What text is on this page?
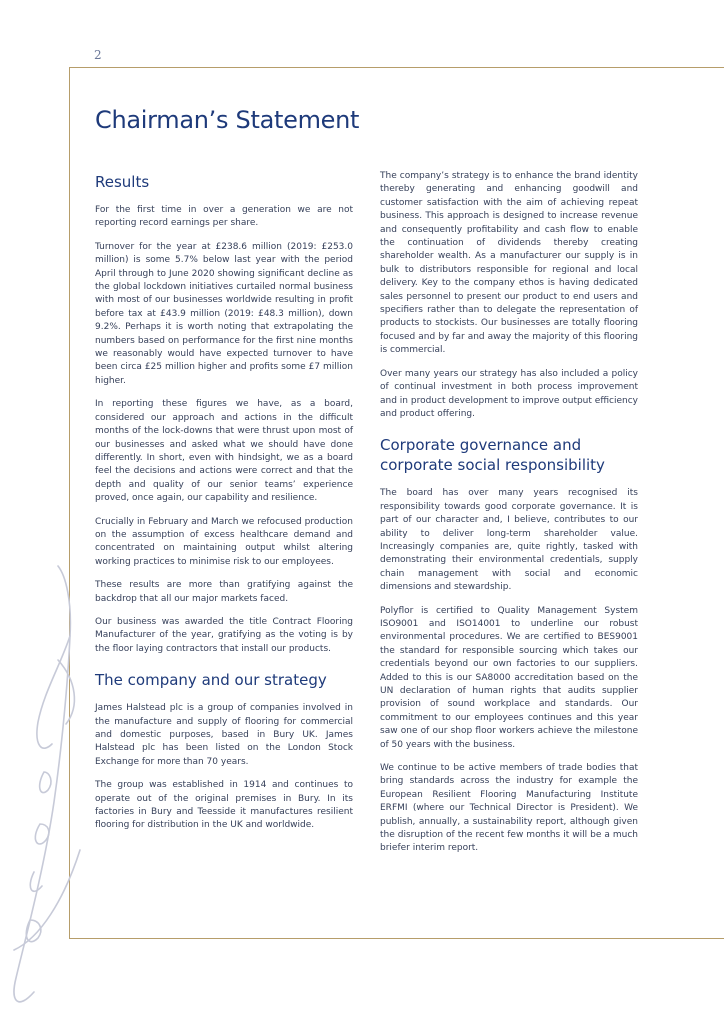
2
Chairman’s Statement
Results

For the first time in over a generation we are not reporting record earnings per share.

Turnover for the year at £238.6 million (2019: £253.0 million) is some 5.7% below last year with the period April through to June 2020 showing significant decline as the global lockdown initiatives curtailed normal business with most of our businesses worldwide resulting in profit before tax at £43.9 million (2019: £48.3 million), down 9.2%. Perhaps it is worth noting that extrapolating the numbers based on performance for the first nine months we reasonably would have expected turnover to have been circa £25 million higher and profits some £7 million higher.

In reporting these figures we have, as a board, considered our approach and actions in the difficult months of the lock-downs that were thrust upon most of our businesses and asked what we should have done differently. In short, even with hindsight, we as a board feel the decisions and actions were correct and that the depth and quality of our senior teams’ experience proved, once again, our capability and resilience.

Crucially in February and March we refocused production on the assumption of excess healthcare demand and concentrated on maintaining output whilst altering working practices to minimise risk to our employees.

These results are more than gratifying against the backdrop that all our major markets faced.

Our business was awarded the title Contract Flooring Manufacturer of the year, gratifying as the voting is by the floor laying contractors that install our products.

The company and our strategy

James Halstead plc is a group of companies involved in the manufacture and supply of flooring for commercial and domestic purposes, based in Bury UK. James Halstead plc has been listed on the London Stock Exchange for more than 70 years.

The group was established in 1914 and continues to operate out of the original premises in Bury. In its factories in Bury and Teesside it manufactures resilient flooring for distribution in the UK and worldwide.

The company’s strategy is to enhance the brand identity thereby generating and enhancing goodwill and customer satisfaction with the aim of achieving repeat business. This approach is designed to increase revenue and consequently profitability and cash flow to enable the continuation of dividends thereby creating shareholder wealth. As a manufacturer our supply is in bulk to distributors responsible for regional and local delivery. Key to the company ethos is having dedicated sales personnel to present our product to end users and specifiers rather than to delegate the representation of products to stockists. Our businesses are totally flooring focused and by far and away the majority of this flooring is commercial.

Over many years our strategy has also included a policy of continual investment in both process improvement and in product development to improve output efficiency and product offering.

Corporate governance and corporate social responsibility

The board has over many years recognised its responsibility towards good corporate governance. It is part of our character and, I believe, contributes to our ability to deliver long-term shareholder value. Increasingly companies are, quite rightly, tasked with demonstrating their environmental credentials, supply chain management with social and economic dimensions and stewardship.

Polyflor is certified to Quality Management System ISO9001 and ISO14001 to underline our robust environmental procedures. We are certified to BES9001 the standard for responsible sourcing which takes our credentials beyond our own factories to our suppliers. Added to this is our SA8000 accreditation based on the UN declaration of human rights that audits supplier provision of sound workplace and standards. Our commitment to our employees continues and this year saw one of our shop floor workers achieve the milestone of 50 years with the business.

We continue to be active members of trade bodies that bring standards across the industry for example the European Resilient Flooring Manufacturing Institute ERFMI (where our Technical Director is President). We publish, annually, a sustainability report, although given the disruption of the recent few months it will be a much briefer interim report.
